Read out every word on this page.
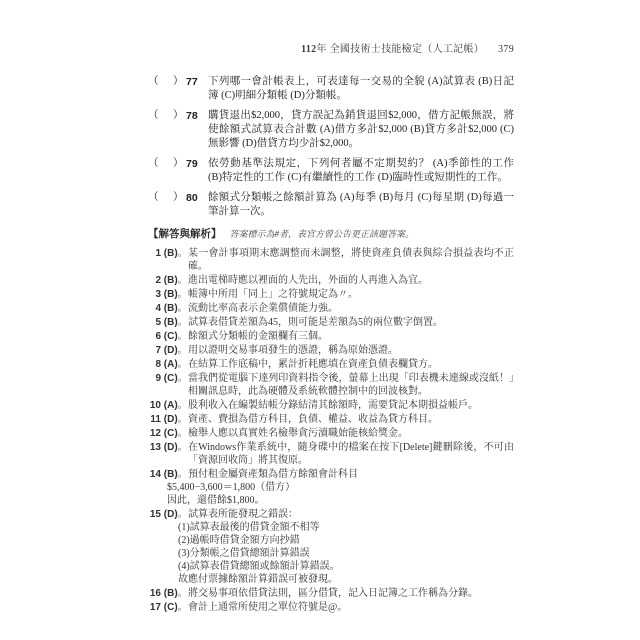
112年 全國技術士技能檢定（人工記帳） 379
（　） 77 下列哪一會計帳表上，可表達每一交易的全貌 (A)試算表 (B)日記簿 (C)明細分類帳 (D)分類帳。
（　） 78 購貨退出$2,000，貸方誤記為銷貨退回$2,000，借方記帳無誤，將使餘額式試算表合計數 (A)借方多計$2,000 (B)貸方多計$2,000 (C)無影響 (D)借貸方均少計$2,000。
（　） 79 依勞動基準法規定，下列何者屬不定期契約？ (A)季節性的工作 (B)特定性的工作 (C)有繼續性的工作 (D)臨時性或短期性的工作。
（　） 80 餘額式分類帳之餘額計算為 (A)每季 (B)每月 (C)每星期 (D)每過一筆計算一次。
【解答與解析】 答案標示為#者，表官方曾公告更正該題答案。
1 (B)。 某一會計事項期末應調整而未調整，將使資產負債表與綜合損益表均不正確。
2 (B)。 進出電梯時應以裡面的人先出，外面的人再進入為宜。
3 (B)。 帳簿中所用「同上」之符號規定為〃。
4 (B)。 流動比率高表示企業償債能力強。
5 (B)。 試算表借貸差額為45，則可能是差額為5的兩位數字倒置。
6 (C)。 餘額式分類帳的金額欄有三個。
7 (D)。 用以證明交易事項發生的憑證，稱為原始憑證。
8 (A)。 在結算工作底稿中，累計折耗應填在資產負債表欄貸方。
9 (C)。 當我們從電腦下達列印資料指令後，螢幕上出現「印表機未連線或沒紙！」相關訊息時，此為硬體及系統軟體控制中的回波核對。
10 (A)。 股利收入在編製結帳分錄結清其餘額時，需要貸記本期損益帳戶。
11 (D)。 資產、費損為借方科目，負債、權益、收益為貸方科目。
12 (C)。 檢舉人應以真實姓名檢舉貪污瀆職始能核給獎金。
13 (D)。 在Windows作業系統中，隨身碟中的檔案在按下[Delete]鍵刪除後，不可由「資源回收筒」將其復原。
14 (B)。 預付租金屬資產類為借方餘額會計科目
$5,400−3,600＝1,800（借方）
因此，還借餘$1,800。
15 (D)。 試算表所能發現之錯誤：
(1)試算表最後的借貸金額不相等
(2)過帳時借貸金額方向抄錯
(3)分類帳之借貸總額計算錯誤
(4)試算表借貸總額或餘額計算錯誤。
故應付票據餘額計算錯誤可被發現。
16 (B)。 將交易事項依借貸法則，區分借貸，記入日記簿之工作稱為分錄。
17 (C)。 會計上通常所使用之單位符號是@。
